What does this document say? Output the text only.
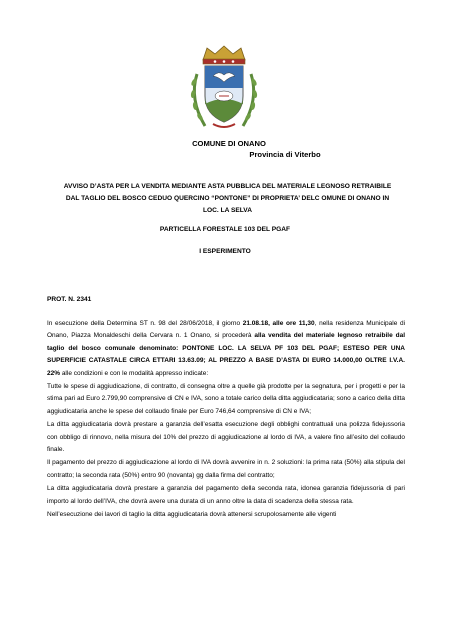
COMUNE DI ONANO
Provincia di Viterbo
AVVISO D’ASTA PER LA VENDITA MEDIANTE ASTA PUBBLICA DEL MATERIALE LEGNOSO RETRAIBILE DAL TAGLIO DEL BOSCO CEDUO QUERCINO “PONTONE” DI PROPRIETA’ DELC OMUNE DI ONANO IN LOC. LA SELVA
PARTICELLA FORESTALE 103 DEL PGAF
I ESPERIMENTO
PROT. N. 2341

In esecuzione della Determina ST n. 98 del 28/06/2018, il giorno 21.08.18, alle ore 11,30, nella residenza Municipale di Onano, Piazza Monaldeschi della Cervara n. 1 Onano, si procederà alla vendita del materiale legnoso retraibile dal taglio del bosco comunale denominato: PONTONE LOC. LA SELVA PF 103 DEL PGAF; ESTESO PER UNA SUPERFICIE CATASTALE CIRCA ETTARI 13.63.09; AL PREZZO A BASE D’ASTA DI EURO 14.000,00 OLTRE I.V.A. 22% alle condizioni e con le modalità appresso indicate:

Tutte le spese di aggiudicazione, di contratto, di consegna oltre a quelle già prodotte per la segnatura, per i progetti e per la stima pari ad Euro 2.799,90 comprensive di CN e IVA, sono a totale carico della ditta aggiudicataria; sono a carico della ditta aggiudicataria anche le spese del collaudo finale per Euro 746,64 comprensive di CN e IVA;

La ditta aggiudicataria dovrà prestare a garanzia dell’esatta esecuzione degli obblighi contrattuali una polizza fidejussoria con obbligo di rinnovo, nella misura del 10% del prezzo di aggiudicazione al lordo di IVA, a valere fino all’esito del collaudo finale.

Il pagamento del prezzo di aggiudicazione al lordo di IVA dovrà avvenire in n. 2 soluzioni: la prima rata (50%) alla stipula del contratto; la seconda rata (50%) entro 90 (novanta) gg dalla firma del contratto;

La ditta aggiudicataria dovrà prestare a garanzia del pagamento della seconda rata, idonea garanzia fidejussoria di pari importo al lordo dell’IVA, che dovrà avere una durata di un anno oltre la data di scadenza della stessa rata.

Nell’esecuzione dei lavori di taglio la ditta aggiudicataria dovrà attenersi scrupolosamente alle vigenti
